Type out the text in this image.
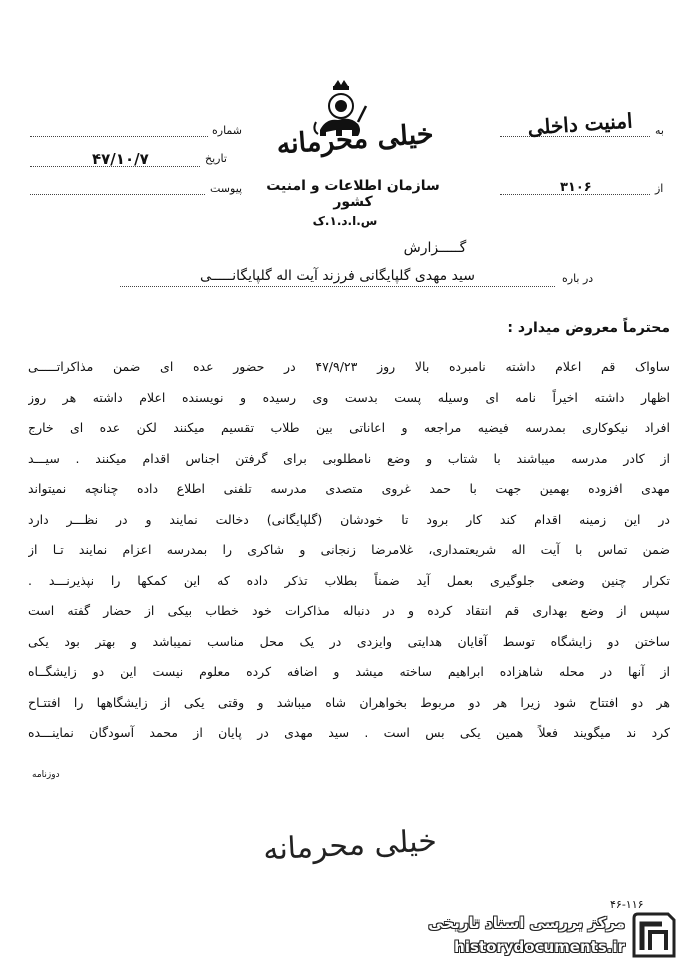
شماره
تاریخ
۴۷/۱۰/۷
پیوست
به
امنیت داخلی
از
۳۱۰۶
خیلی محرمانه
سازمان اطلاعات و امنیت کشور
س.ا.د.۱.ک
گـــــزارش
در باره
سید مهدی گلپایگانی فرزند آیت اله گلپایگانـــــی
محترماً معروض میدارد :
ساواک قم اعلام داشته نامبرده بالا روز ۴۷/۹/۲۳ در حضور عده ای ضمن مذاکراتـــــی
اظهار داشته اخیراً نامه ای وسیله پست بدست وی رسیده و نویسنده اعلام داشته هر روز
افراد نیکوکاری بمدرسه فیضیه مراجعه و اعاناتی بین طلاب تقسیم میکنند لکن عده ای خارج
از کادر مدرسه میباشند با شتاب و وضع نامطلوبی برای گرفتن اجناس اقدام میکنند . سیـــد
مهدی افزوده بهمین جهت با حمد غروی متصدی مدرسه تلفنی اطلاع داده چنانچه نمیتواند
در این زمینه اقدام کند کار برود تا خودشان (گلپایگانی) دخالت نمایند و در نظـــر دارد
ضمن تماس با آیت اله شریعتمداری، غلامرضا زنجانی و شاکری را بمدرسه اعزام نمایند تـا از
تکرار چنین وضعی جلوگیری بعمل آید ضمناً بطلاب تذکر داده که این کمکها را نپذیرنـــد .
سپس از وضع بهداری قم انتقاد کرده و در دنباله مذاکرات خود خطاب بیکی از حضار گفته است
ساختن دو زایشگاه توسط آقایان هدایتی وایزدی در یک محل مناسب نمیباشد و بهتر بود یکی
از آنها در محله شاهزاده ابراهیم ساخته میشد و اضافه کرده معلوم نیست این دو زایشگــاه
هر دو افتتاح شود زیرا هر دو مربوط بخواهران شاه میباشد و وقتی یکی از زایشگاهها را افتتـاح
کرد ند میگویند فعلاً همین یکی بس است . سید مهدی در پایان از محمد آسودگان نماینـــده
دوزنامه
خیلی محرمانه
۴۶-۱۱۶
مرکز بررسی اسناد تاریخی
historydocuments.ir
